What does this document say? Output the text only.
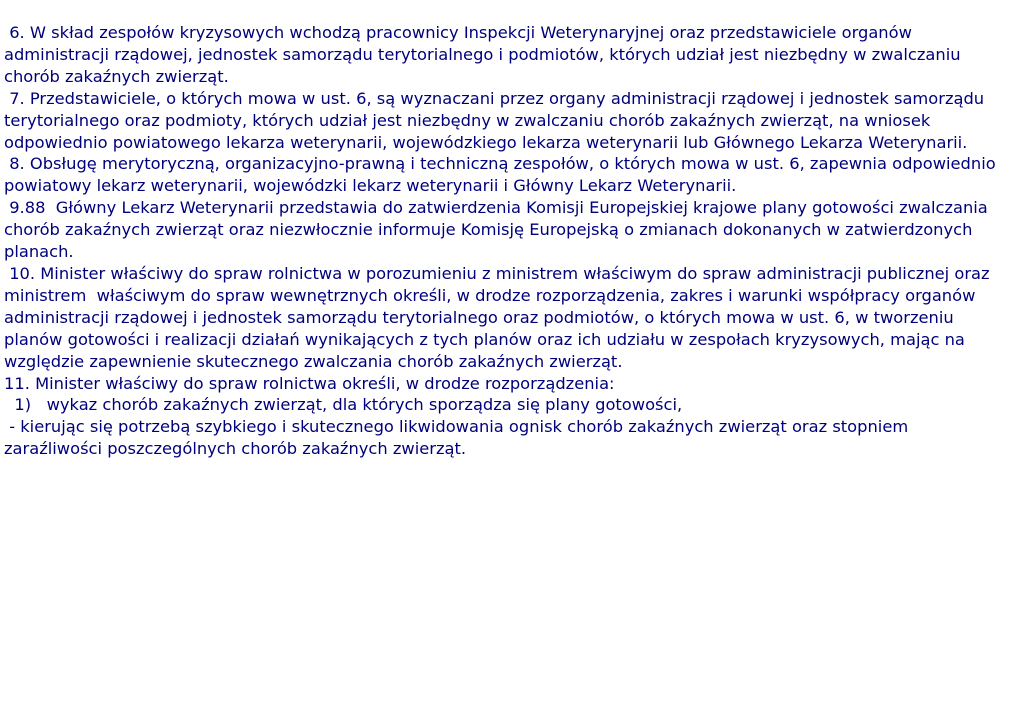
6. W skład zespołów kryzysowych wchodzą pracownicy Inspekcji Weterynaryjnej oraz przedstawiciele organów administracji rządowej, jednostek samorządu terytorialnego i podmiotów, których udział jest niezbędny w zwalczaniu chorób zakaźnych zwierząt.

7. Przedstawiciele, o których mowa w ust. 6, są wyznaczani przez organy administracji rządowej i jednostek samorządu terytorialnego oraz podmioty, których udział jest niezbędny w zwalczaniu chorób zakaźnych zwierząt, na wniosek odpowiednio powiatowego lekarza weterynarii, wojewódzkiego lekarza weterynarii lub Głównego Lekarza Weterynarii.

8. Obsługę merytoryczną, organizacyjno-prawną i techniczną zespołów, o których mowa w ust. 6, zapewnia odpowiednio powiatowy lekarz weterynarii, wojewódzki lekarz weterynarii i Główny Lekarz Weterynarii.

9.88  Główny Lekarz Weterynarii przedstawia do zatwierdzenia Komisji Europejskiej krajowe plany gotowości zwalczania chorób zakaźnych zwierząt oraz niezwłocznie informuje Komisję Europejską o zmianach dokonanych w zatwierdzonych planach.

10. Minister właściwy do spraw rolnictwa w porozumieniu z ministrem właściwym do spraw administracji publicznej oraz ministrem  właściwym do spraw wewnętrznych określi, w drodze rozporządzenia, zakres i warunki współpracy organów administracji rządowej i jednostek samorządu terytorialnego oraz podmiotów, o których mowa w ust. 6, w tworzeniu planów gotowości i realizacji działań wynikających z tych planów oraz ich udziału w zespołach kryzysowych, mając na względzie zapewnienie skutecznego zwalczania chorób zakaźnych zwierząt.

11. Minister właściwy do spraw rolnictwa określi, w drodze rozporządzenia:

1)   wykaz chorób zakaźnych zwierząt, dla których sporządza się plany gotowości,

- kierując się potrzebą szybkiego i skutecznego likwidowania ognisk chorób zakaźnych zwierząt oraz stopniem  zaraźliwości poszczególnych chorób zakaźnych zwierząt.
